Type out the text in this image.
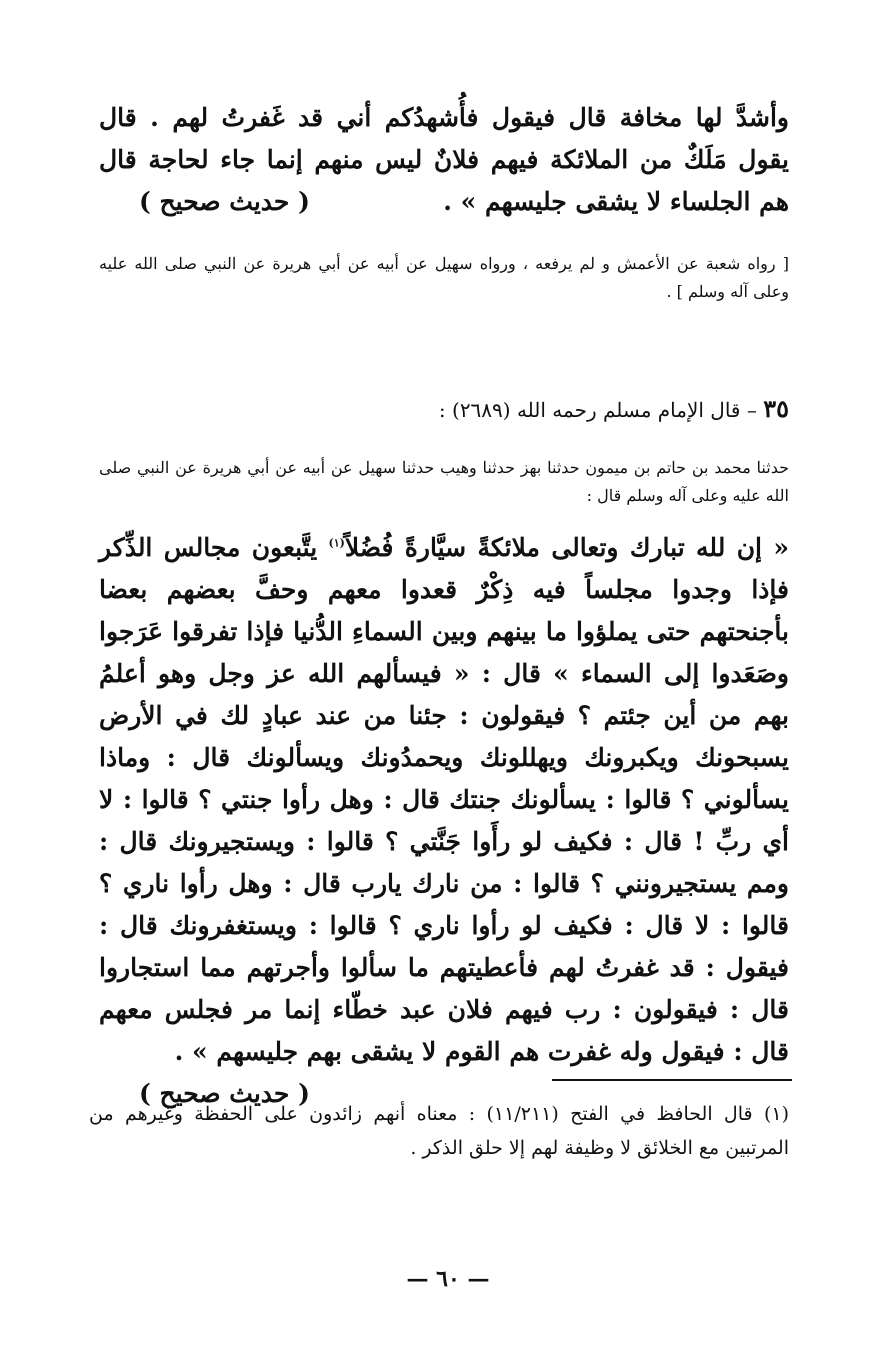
وأشدَّ لها مخافة قال فيقول فأُشهدُكم أني قد غَفرتُ لهم . قال يقول مَلَكٌ من الملائكة فيهم فلانٌ ليس منهم إنما جاء لحاجة قال هم الجلساء لا يشقى جليسهم » .
( حديث صحيح )
[ رواه شعبة عن الأعمش و لم يرفعه ، ورواه سهيل عن أبيه عن أبي هريرة عن النبي صلى الله عليه وعلى آله وسلم ] .
٣٥ – قال الإمام مسلم رحمه الله (٢٦٨٩) :
حدثنا محمد بن حاتم بن ميمون حدثنا بهز حدثنا وهيب حدثنا سهيل عن أبيه عن أبي هريرة عن النبي صلى الله عليه وعلى آله وسلم قال :
« إن لله تبارك وتعالى ملائكةً سيَّارةً فُضُلاً$^{(١)}$ يتَّبعون مجالس الذِّكر فإذا وجدوا مجلساً فيه ذِكْرٌ قعدوا معهم وحفَّ بعضهم بعضا بأجنحتهم حتى يملؤوا ما بينهم وبين السماءِ الدُّنيا فإذا تفرقوا عَرَجوا وصَعَدوا إلى السماء » قال : « فيسألهم الله عز وجل وهو أعلمُ بهم من أين جئتم ؟ فيقولون : جئنا من عند عبادٍ لك في الأرض يسبحونك ويكبرونك ويهللونك ويحمدُونك ويسألونك قال : وماذا يسألوني ؟ قالوا : يسألونك جنتك قال : وهل رأوا جنتي ؟ قالوا : لا أي ربِّ ! قال : فكيف لو رأَوا جَنَّتي ؟ قالوا : ويستجيرونك قال : ومم يستجيرونني ؟ قالوا : من نارك يارب قال : وهل رأوا ناري ؟ قالوا : لا قال : فكيف لو رأوا ناري ؟ قالوا : ويستغفرونك قال : فيقول : قد غفرتُ لهم فأعطيتهم ما سألوا وأجرتهم مما استجاروا قال : فيقولون : رب فيهم فلان عبد خطّاء إنما مر فجلس معهم قال : فيقول وله غفرت هم القوم لا يشقى بهم جليسهم » .
( حديث صحيح )
(١) قال الحافظ في الفتح (١١/٢١١) : معناه أنهم زائدون على الحفظة وغيرهم من المرتبين مع الخلائق لا وظيفة لهم إلا حلق الذكر .
— ٦٠ —
